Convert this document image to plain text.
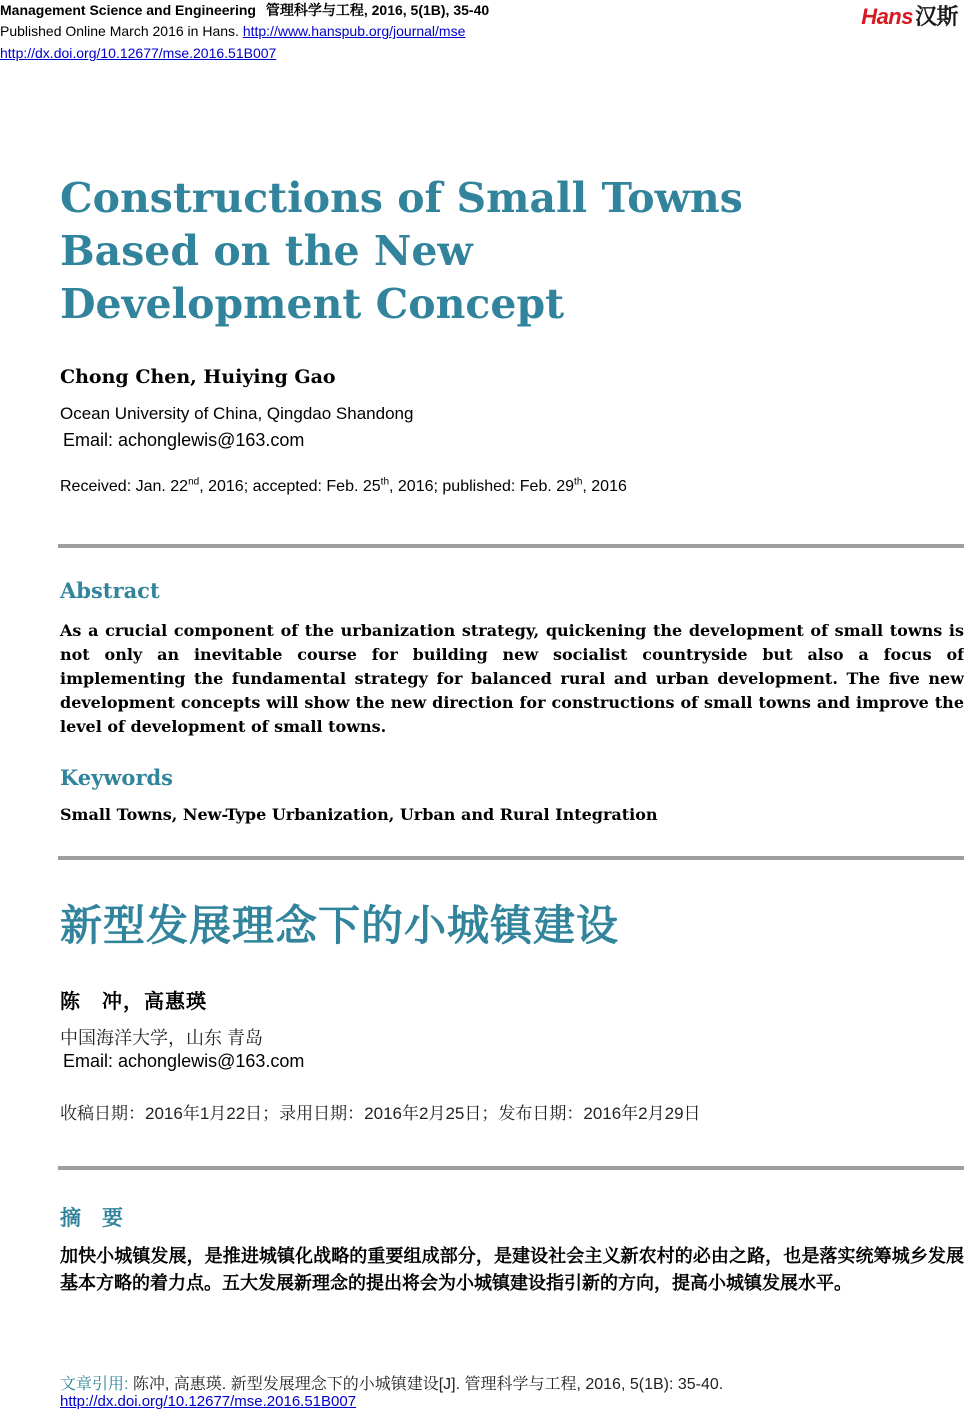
Management Science and Engineering 管理科学与工程, 2016, 5(1B), 35-40
Published Online March 2016 in Hans. http://www.hanspub.org/journal/mse
http://dx.doi.org/10.12677/mse.2016.51B007
Hans汉斯
Constructions of Small Towns Based on the New Development Concept
Chong Chen, Huiying Gao
Ocean University of China, Qingdao Shandong
Email: achonglewis@163.com
Received: Jan. 22nd, 2016; accepted: Feb. 25th, 2016; published: Feb. 29th, 2016
Abstract
As a crucial component of the urbanization strategy, quickening the development of small towns is not only an inevitable course for building new socialist countryside but also a focus of implementing the fundamental strategy for balanced rural and urban development. The five new development concepts will show the new direction for constructions of small towns and improve the level of development of small towns.
Keywords
Small Towns, New-Type Urbanization, Urban and Rural Integration
新型发展理念下的小城镇建设
陈　冲，高惠瑛
中国海洋大学，山东 青岛
Email: achonglewis@163.com
收稿日期：2016年1月22日；录用日期：2016年2月25日；发布日期：2016年2月29日
摘　要
加快小城镇发展，是推进城镇化战略的重要组成部分，是建设社会主义新农村的必由之路，也是落实统筹城乡发展基本方略的着力点。五大发展新理念的提出将会为小城镇建设指引新的方向，提高小城镇发展水平。
文章引用: 陈冲, 高惠瑛. 新型发展理念下的小城镇建设[J]. 管理科学与工程, 2016, 5(1B): 35-40.
http://dx.doi.org/10.12677/mse.2016.51B007
